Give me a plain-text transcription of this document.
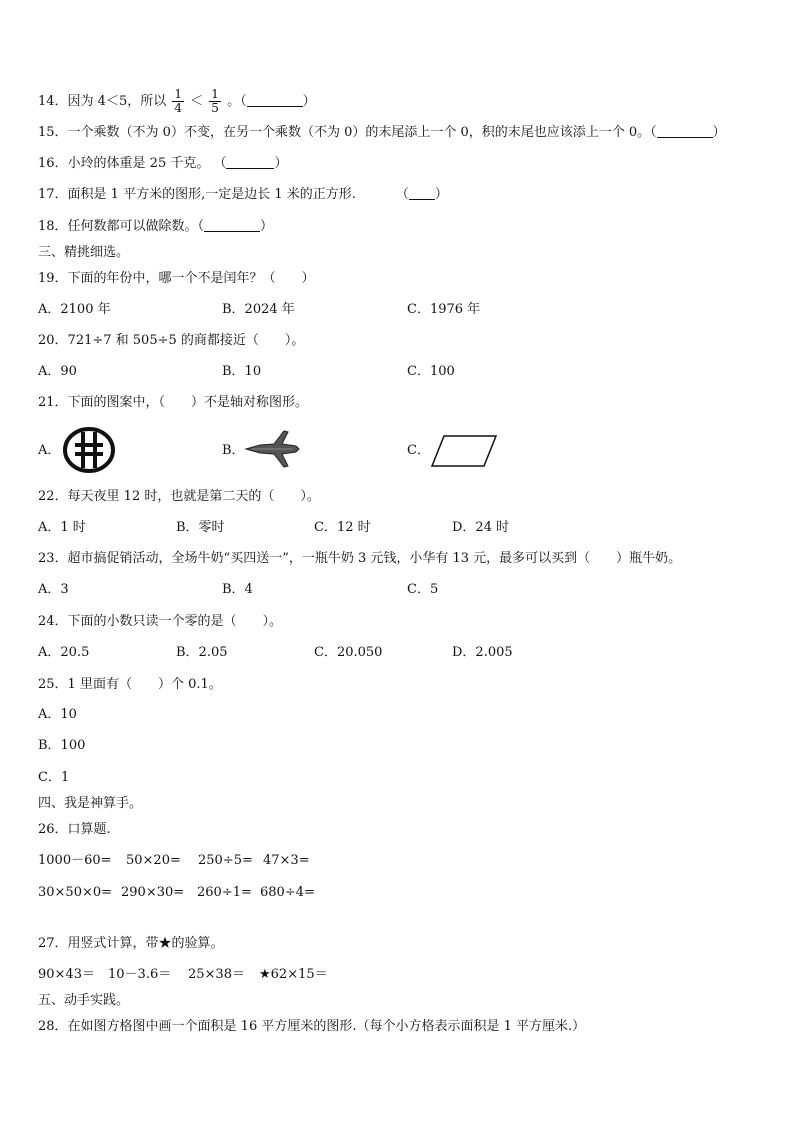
14．因为 4＜5，所以 $\frac{1}{4} < \frac{1}{5}$ 。（	）
15．一个乘数（不为 0）不变，在另一个乘数（不为 0）的末尾添上一个 0，积的末尾也应该添上一个 0。（	）
16．小玲的体重是 25 千克。 （	）
17．面积是 1 平方米的图形,一定是边长 1 米的正方形.	（ ）
18．任何数都可以做除数。（	）
三、精挑细选。
19．下面的年份中，哪一个不是闰年？（　　）
A．2100 年	B．2024 年	C．1976 年
20．721÷7 和 505÷5 的商都接近（　　）。
A．90	B．10	C．100
21．下面的图案中，（　　）不是轴对称图形。
A．	B．	C．
22．每天夜里 12 时，也就是第二天的（　　）。
A．1 时	B．零时	C．12 时	D．24 时
23．超市搞促销活动，全场牛奶“买四送一”，一瓶牛奶 3 元钱，小华有 13 元，最多可以买到（　　）瓶牛奶。
A．3	B．4	C．5
24．下面的小数只读一个零的是（　　）。
A．20.5	B．2.05	C．20.050	D．2.005
25．1 里面有（　　）个 0.1。
A．10
B．100
C．1
四、我是神算手。
26．口算题.
1000－60= 50×20= 250÷5= 47×3=
30×50×0= 290×30= 260÷1= 680÷4=
27．用竖式计算，带★的验算。
90×43＝ 10－3.6＝ 25×38＝ ★62×15＝
五、动手实践。
28．在如图方格图中画一个面积是 16 平方厘米的图形.（每个小方格表示面积是 1 平方厘米.）
